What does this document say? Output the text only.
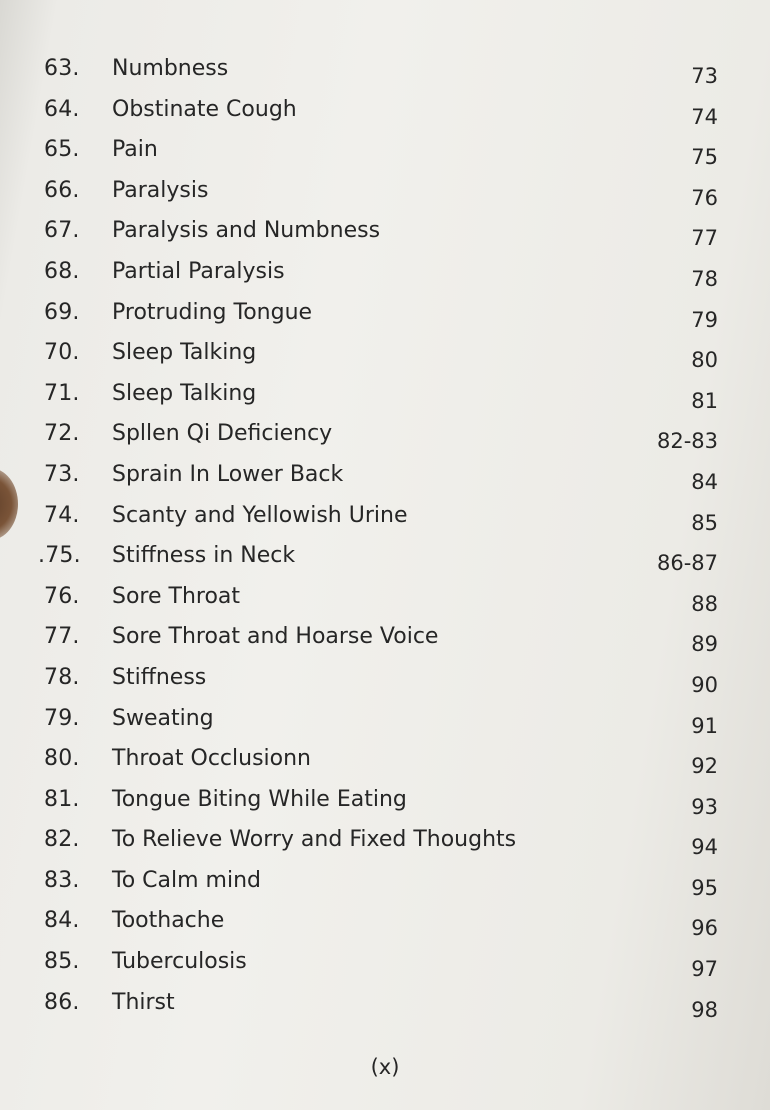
63. Numbness	73
64. Obstinate Cough	74
65. Pain	75
66. Paralysis	76
67. Paralysis and Numbness	77
68. Partial Paralysis	78
69. Protruding Tongue	79
70. Sleep Talking	80
71. Sleep Talking	81
72. Spllen Qi Deficiency	82-83
73. Sprain In Lower Back	84
74. Scanty and Yellowish Urine	85
.75. Stiffness in Neck	86-87
76. Sore Throat	88
77. Sore Throat and Hoarse Voice	89
78. Stiffness	90
79. Sweating	91
80. Throat Occlusionn	92
81. Tongue Biting While Eating	93
82. To Relieve Worry and Fixed Thoughts	94
83. To Calm mind	95
84. Toothache	96
85. Tuberculosis	97
86. Thirst	98
(x)
